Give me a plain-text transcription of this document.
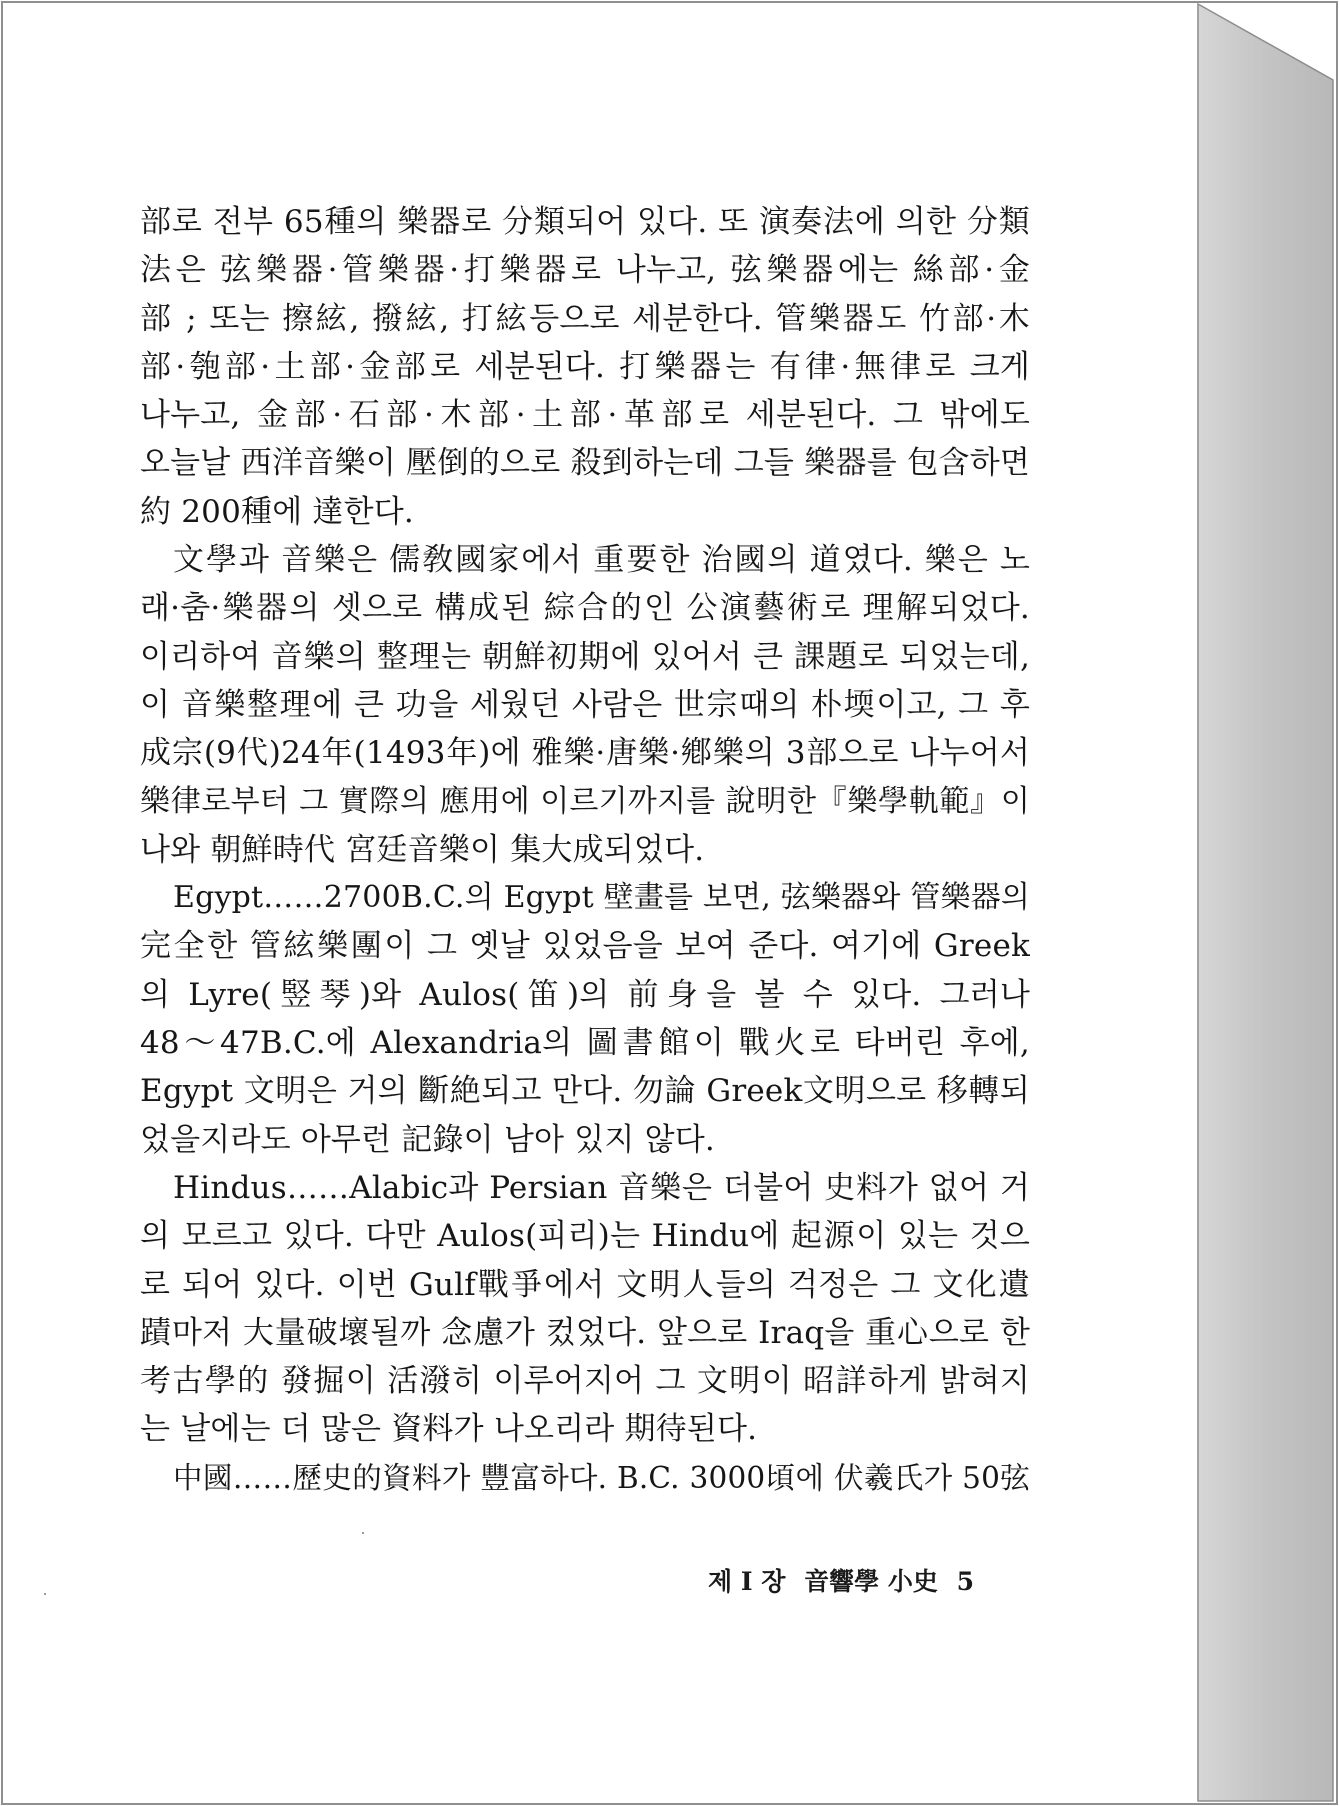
部로 전부 65種의 樂器로 分類되어 있다. 또 演奏法에 의한 分類
法은 弦樂器·管樂器·打樂器로 나누고, 弦樂器에는 絲部·金
部 ; 또는 擦絃, 撥絃, 打絃등으로 세분한다. 管樂器도 竹部·木
部·匏部·土部·金部로 세분된다. 打樂器는 有律·無律로 크게
나누고, 金部·石部·木部·土部·革部로 세분된다. 그 밖에도
오늘날 西洋音樂이 壓倒的으로 殺到하는데 그들 樂器를 包含하면
約 200種에 達한다.
文學과 音樂은 儒敎國家에서 重要한 治國의 道였다. 樂은 노
래·춤·樂器의 셋으로 構成된 綜合的인 公演藝術로 理解되었다.
이리하여 音樂의 整理는 朝鮮初期에 있어서 큰 課題로 되었는데,
이 音樂整理에 큰 功을 세웠던 사람은 世宗때의 朴堧이고, 그 후
成宗(9代)24年(1493年)에 雅樂·唐樂·鄕樂의 3部으로 나누어서
樂律로부터 그 實際의 應用에 이르기까지를 說明한『樂學軌範』이
나와 朝鮮時代 宮廷音樂이 集大成되었다.
Egypt……2700B.C.의 Egypt 壁畫를 보면, 弦樂器와 管樂器의
完全한 管絃樂團이 그 옛날 있었음을 보여 준다. 여기에 Greek
의 Lyre(竪琴)와 Aulos(笛)의 前身을 볼 수 있다. 그러나
48～47B.C.에 Alexandria의 圖書館이 戰火로 타버린 후에,
Egypt 文明은 거의 斷絶되고 만다. 勿論 Greek文明으로 移轉되
었을지라도 아무런 記錄이 남아 있지 않다.
Hindus……Alabic과 Persian 音樂은 더불어 史料가 없어 거
의 모르고 있다. 다만 Aulos(피리)는 Hindu에 起源이 있는 것으
로 되어 있다. 이번 Gulf戰爭에서 文明人들의 걱정은 그 文化遺
蹟마저 大量破壞될까 念慮가 컸었다. 앞으로 Iraq을 重心으로 한
考古學的 發掘이 活潑히 이루어지어 그 文明이 昭詳하게 밝혀지
는 날에는 더 많은 資料가 나오리라 期待된다.
中國……歷史的資料가 豐富하다. B.C. 3000頃에 伏羲氏가 50弦
제 I 장 音響學 小史 5
